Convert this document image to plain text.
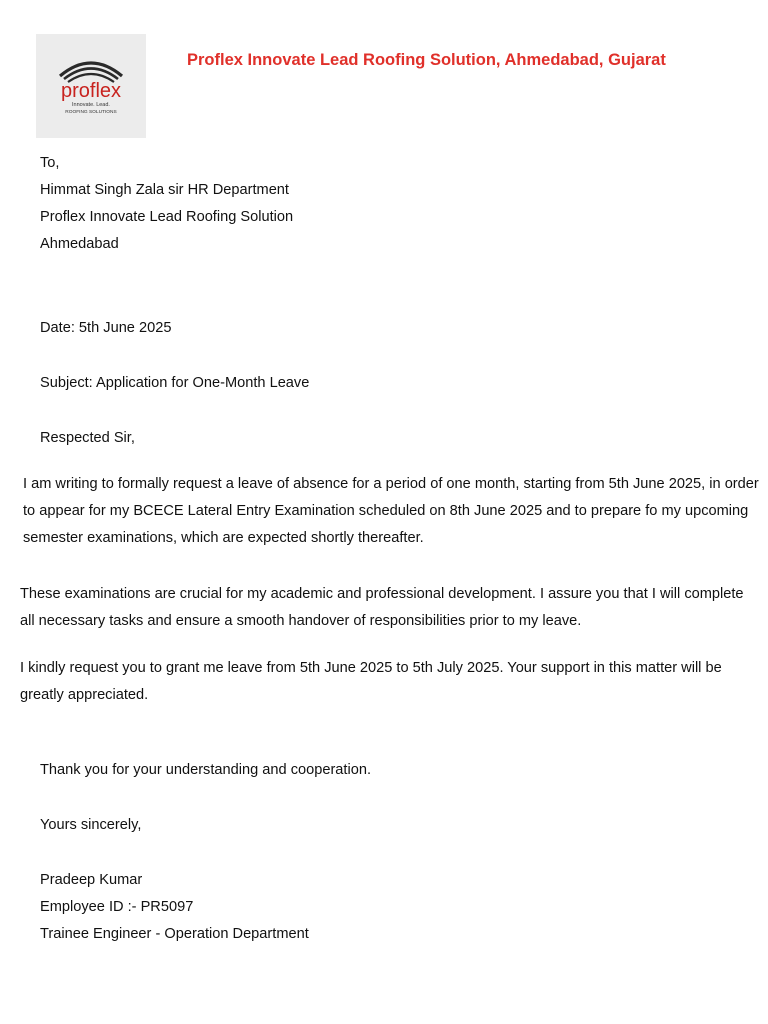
proflex
Innovate. Lead.
ROOFING SOLUTIONS
Proflex Innovate Lead Roofing Solution, Ahmedabad, Gujarat
To,
Himmat Singh Zala sir HR Department
Proflex Innovate Lead Roofing Solution
Ahmedabad
Date: 5th June 2025
Subject: Application for One-Month Leave
Respected Sir,
I am writing to formally request a leave of absence for a period of one month, starting from 5th June 2025, in order to appear for my BCECE Lateral Entry Examination scheduled on 8th June 2025 and to prepare fo my upcoming semester examinations, which are expected shortly thereafter.
These examinations are crucial for my academic and professional development. I assure you that I will complete all necessary tasks and ensure a smooth handover of responsibilities prior to my leave.
I kindly request you to grant me leave from 5th June 2025 to 5th July 2025. Your support in this matter will be greatly appreciated.
Thank you for your understanding and cooperation.
Yours sincerely,
Pradeep Kumar
Employee ID :- PR5097
Trainee Engineer - Operation Department
